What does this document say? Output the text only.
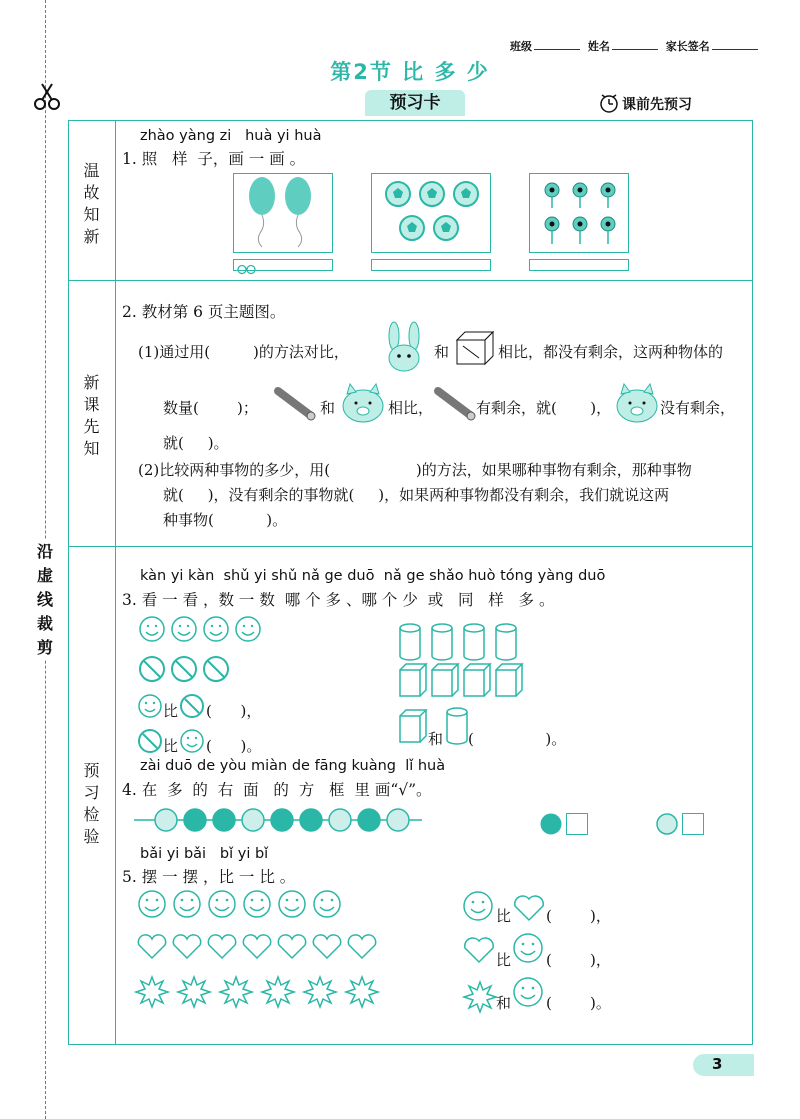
沿虚线裁剪
班级	姓名	家长签名
第2节 比 多 少
预习卡	课前先预习
温故知新
新课先知
预习检验
zhào yàng zi   huà yi huà
1. 照   样  子，画 一 画 。
2. 教材第 6 页主题图。
(1)通过用(         )的方法对比，	和	相比，都没有剩余，这两种物体的
数量(        )；	和	相比，	有剩余，就(       )，	没有剩余，
就(     )。
(2)比较两种事物的多少，用(                  )的方法，如果哪种事物有剩余，那种事物
就(     )，没有剩余的事物就(     )，如果两种事物都没有剩余，我们就说这两
种事物(           )。
kàn yi kàn  shǔ yi shǔ nǎ ge duō  nǎ ge shǎo huò tóng yàng duō
3. 看 一 看 ，数 一 数  哪 个 多 、哪 个 少  或   同   样   多 。
比 (      )，
比 (      )。	和 (               )。
zài duō de yòu miàn de fāng kuàng  lǐ huà
4. 在  多  的  右  面   的  方   框  里 画“√”。
bǎi yi bǎi   bǐ yi bǐ
5. 摆 一 摆 ，比 一 比 。
比 (        )，
比 (        )，
和 (        )。
3
